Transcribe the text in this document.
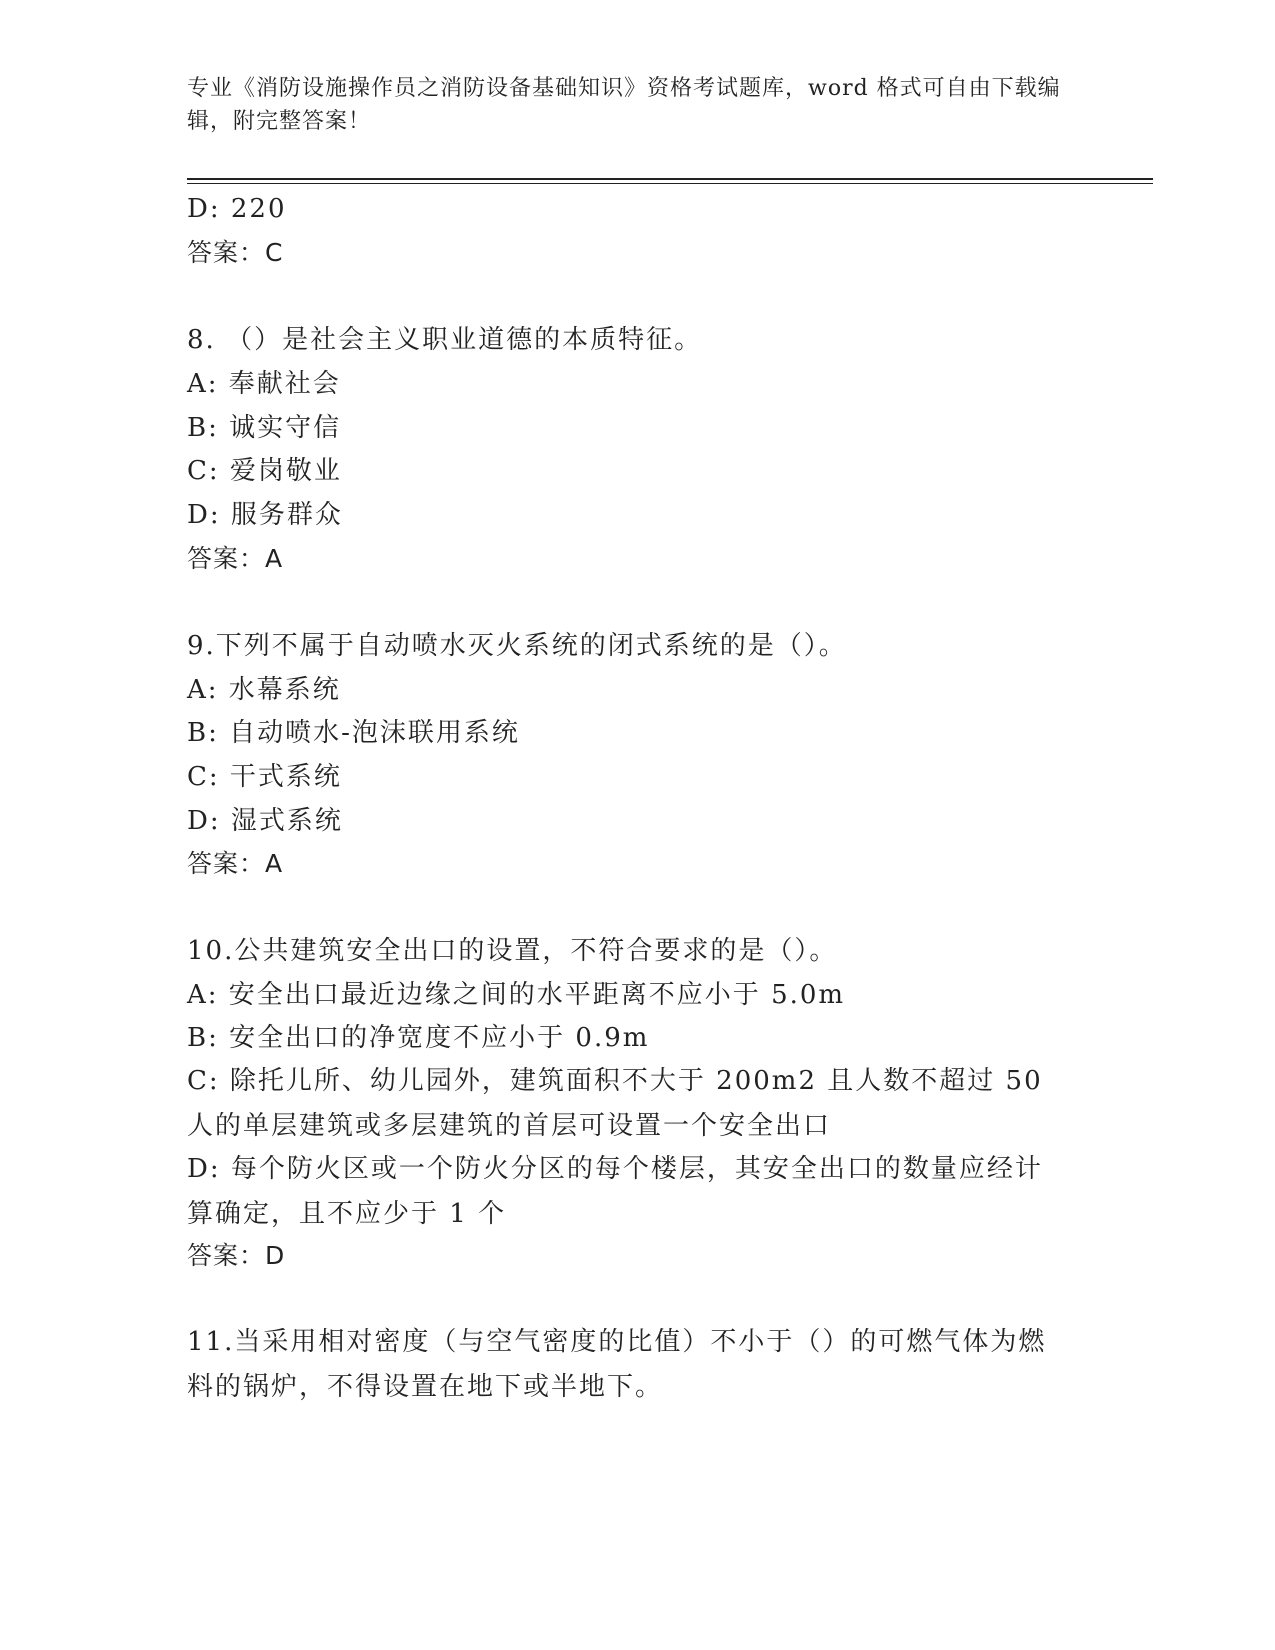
专业《消防设施操作员之消防设备基础知识》资格考试题库，word 格式可自由下载编辑，附完整答案！
D: 220
答案：C
8. （）是社会主义职业道德的本质特征。
A: 奉献社会
B: 诚实守信
C: 爱岗敬业
D: 服务群众
答案：A
9.下列不属于自动喷水灭火系统的闭式系统的是（）。
A: 水幕系统
B: 自动喷水-泡沫联用系统
C: 干式系统
D: 湿式系统
答案：A
10.公共建筑安全出口的设置，不符合要求的是（）。
A: 安全出口最近边缘之间的水平距离不应小于 5.0m
B: 安全出口的净宽度不应小于 0.9m
C: 除托儿所、幼儿园外，建筑面积不大于 200m2 且人数不超过 50 人的单层建筑或多层建筑的首层可设置一个安全出口
D: 每个防火区或一个防火分区的每个楼层，其安全出口的数量应经计算确定，且不应少于 1 个
答案：D
11.当采用相对密度（与空气密度的比值）不小于（）的可燃气体为燃料的锅炉，不得设置在地下或半地下。
